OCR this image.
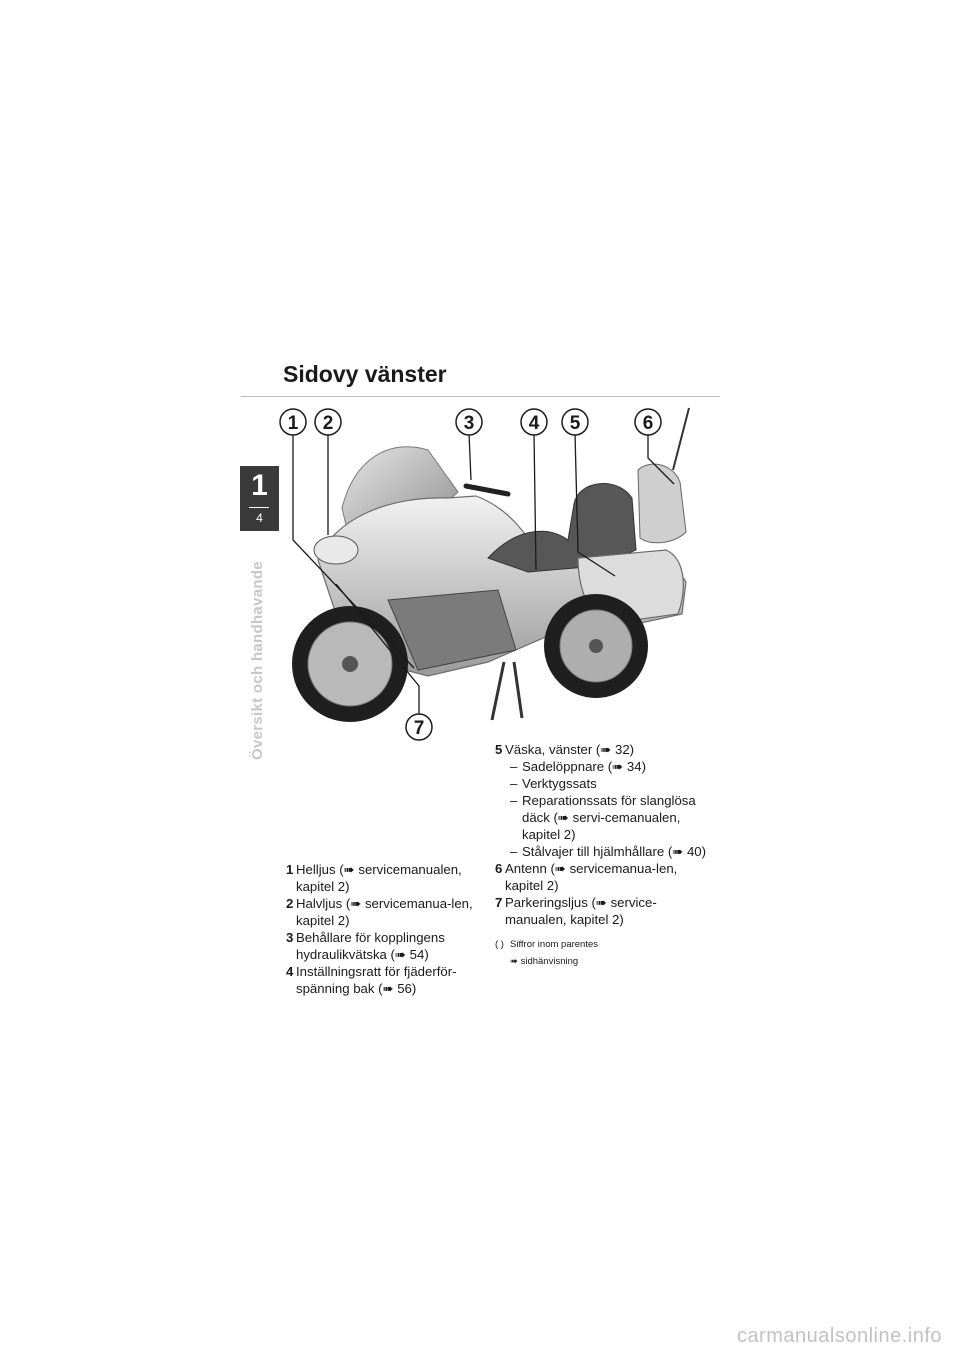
Sidovy vänster
1
4
Översikt och handhavande
1 2	3	4 5	6
7
1 Helljus (➠ servicemanualen, kapitel 2)
2 Halvljus (➠ servicemanua-len, kapitel 2)
3 Behållare för kopplingens hydraulikvätska (➠ 54)
4 Inställningsratt för fjäderför-spänning bak (➠ 56)
5 Väska, vänster (➠ 32)
– Sadelöppnare (➠ 34)
– Verktygssats
– Reparationssats för slanglösa däck (➠ servi-cemanualen, kapitel 2)
– Stålvajer till hjälmhållare (➠ 40)
6 Antenn (➠ servicemanua-len, kapitel 2)
7 Parkeringsljus (➠ service-manualen, kapitel 2)
( ) Siffror inom parentes
➠ sidhänvisning
carmanualsonline.info
